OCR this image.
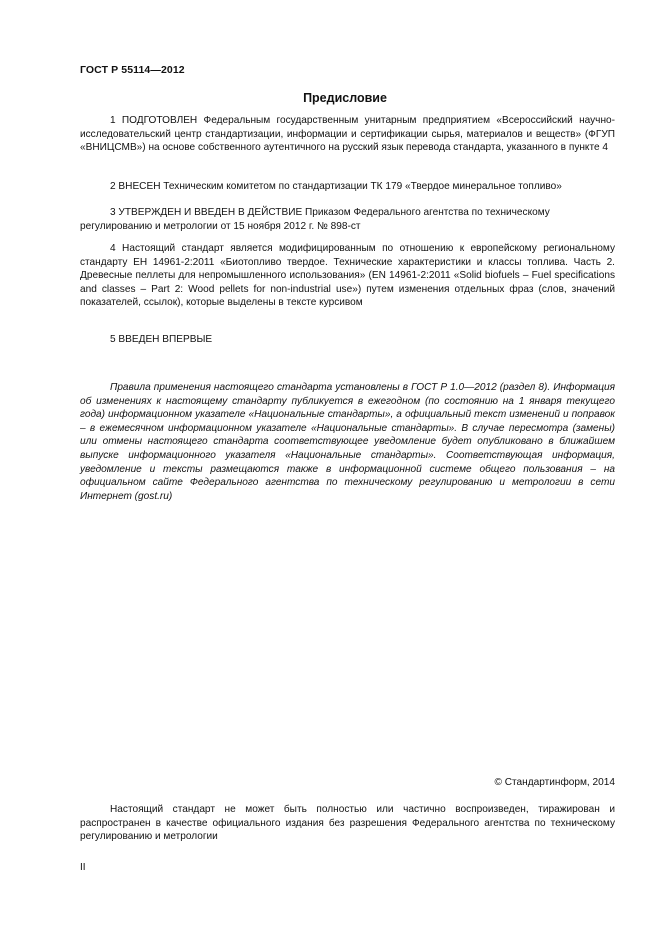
ГОСТ Р 55114—2012
Предисловие
1 ПОДГОТОВЛЕН Федеральным государственным унитарным предприятием «Всероссийский научно-исследовательский центр стандартизации, информации и сертификации сырья, материалов и веществ» (ФГУП «ВНИЦСМВ») на основе собственного аутентичного на русский язык перевода стандарта, указанного в пункте 4
2 ВНЕСЕН Техническим комитетом по стандартизации ТК 179 «Твердое минеральное топливо»
3 УТВЕРЖДЕН И ВВЕДЕН В ДЕЙСТВИЕ Приказом Федерального агентства по техническому регулированию и метрологии от 15 ноября 2012 г. № 898-ст
4 Настоящий стандарт является модифицированным по отношению к европейскому региональному стандарту ЕН 14961-2:2011 «Биотопливо твердое. Технические характеристики и классы топлива. Часть 2. Древесные пеллеты для непромышленного использования» (EN 14961-2:2011 «Solid biofuels – Fuel specifications and classes – Part 2: Wood pellets for non-industrial use») путем изменения отдельных фраз (слов, значений показателей, ссылок), которые выделены в тексте курсивом
5 ВВЕДЕН ВПЕРВЫЕ
Правила применения настоящего стандарта установлены в ГОСТ Р 1.0—2012 (раздел 8). Информация об изменениях к настоящему стандарту публикуется в ежегодном (по состоянию на 1 января текущего года) информационном указателе «Национальные стандарты», а официальный текст изменений и поправок – в ежемесячном информационном указателе «Национальные стандарты». В случае пересмотра (замены) или отмены настоящего стандарта соответствующее уведомление будет опубликовано в ближайшем выпуске информационного указателя «Национальные стандарты». Соответствующая информация, уведомление и тексты размещаются также в информационной системе общего пользования – на официальном сайте Федерального агентства по техническому регулированию и метрологии в сети Интернет (gost.ru)
© Стандартинформ, 2014
Настоящий стандарт не может быть полностью или частично воспроизведен, тиражирован и распространен в качестве официального издания без разрешения Федерального агентства по техническому регулированию и метрологии
II
